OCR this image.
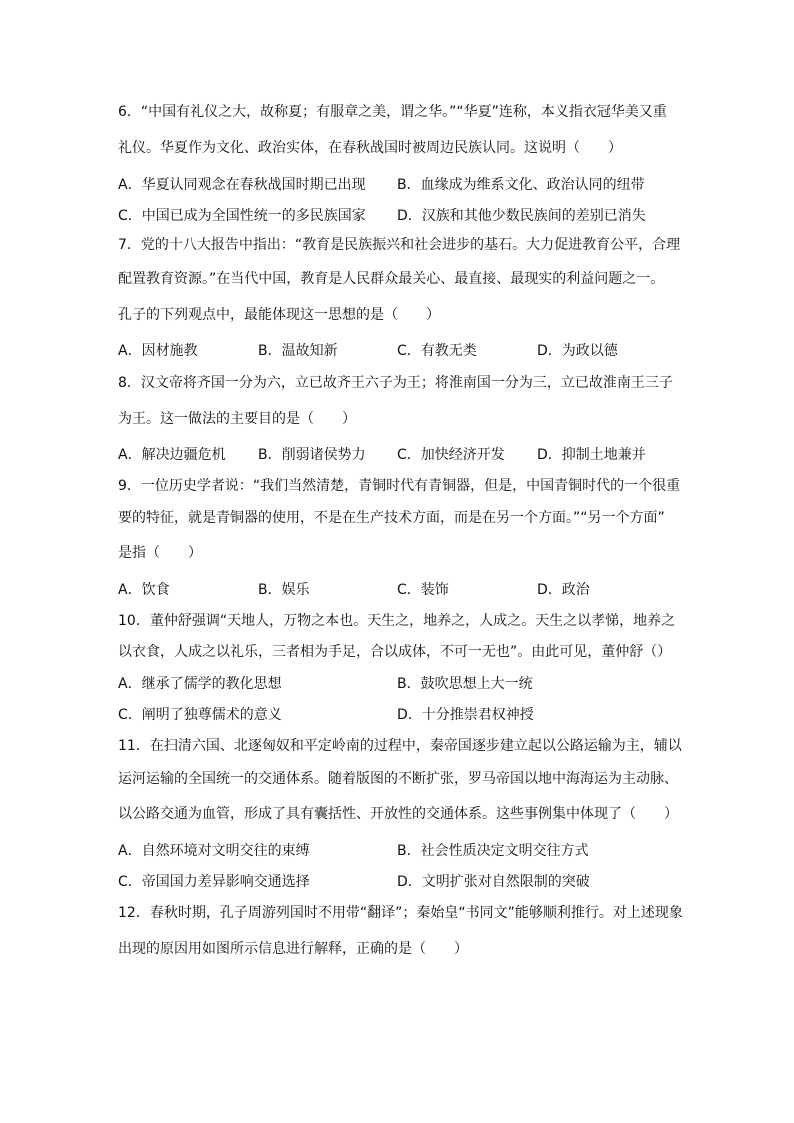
6．“中国有礼仪之大，故称夏；有服章之美，谓之华。”“华夏”连称，本义指衣冠华美又重
礼仪。华夏作为文化、政治实体，在春秋战国时被周边民族认同。这说明（　　）
A．华夏认同观念在春秋战国时期已出现 B．血缘成为维系文化、政治认同的纽带
C．中国已成为全国性统一的多民族国家 D．汉族和其他少数民族间的差别已消失
7．党的十八大报告中指出：“教育是民族振兴和社会进步的基石。大力促进教育公平，合理
配置教育资源。”在当代中国，教育是人民群众最关心、最直接、最现实的利益问题之一。
孔子的下列观点中，最能体现这一思想的是（　　）
A．因材施教	B．温故知新	C．有教无类	D．为政以德
8．汉文帝将齐国一分为六，立已故齐王六子为王；将淮南国一分为三，立已故淮南王三子
为王。这一做法的主要目的是（　　）
A．解决边疆危机 B．削弱诸侯势力 C．加快经济开发 D．抑制土地兼并
9．一位历史学者说：“我们当然清楚，青铜时代有青铜器，但是，中国青铜时代的一个很重
要的特征，就是青铜器的使用，不是在生产技术方面，而是在另一个方面。”“另一个方面”
是指（　　）
A．饮食	B．娱乐	C．装饰	D．政治
10．董仲舒强调“天地人，万物之本也。天生之，地养之，人成之。天生之以孝悌，地养之
以衣食，人成之以礼乐，三者相为手足，合以成体，不可一无也”。由此可见，董仲舒（）
A．继承了儒学的教化思想	B．鼓吹思想上大一统
C．阐明了独尊儒术的意义	D．十分推崇君权神授
11．在扫清六国、北逐匈奴和平定岭南的过程中，秦帝国逐步建立起以公路运输为主，辅以
运河运输的全国统一的交通体系。随着版图的不断扩张，罗马帝国以地中海海运为主动脉、
以公路交通为血管，形成了具有囊括性、开放性的交通体系。这些事例集中体现了（　　）
A．自然环境对文明交往的束缚	B．社会性质决定文明交往方式
C．帝国国力差异影响交通选择	D．文明扩张对自然限制的突破
12．春秋时期，孔子周游列国时不用带“翻译”；秦始皇“书同文”能够顺利推行。对上述现象
出现的原因用如图所示信息进行解释，正确的是（　　）
